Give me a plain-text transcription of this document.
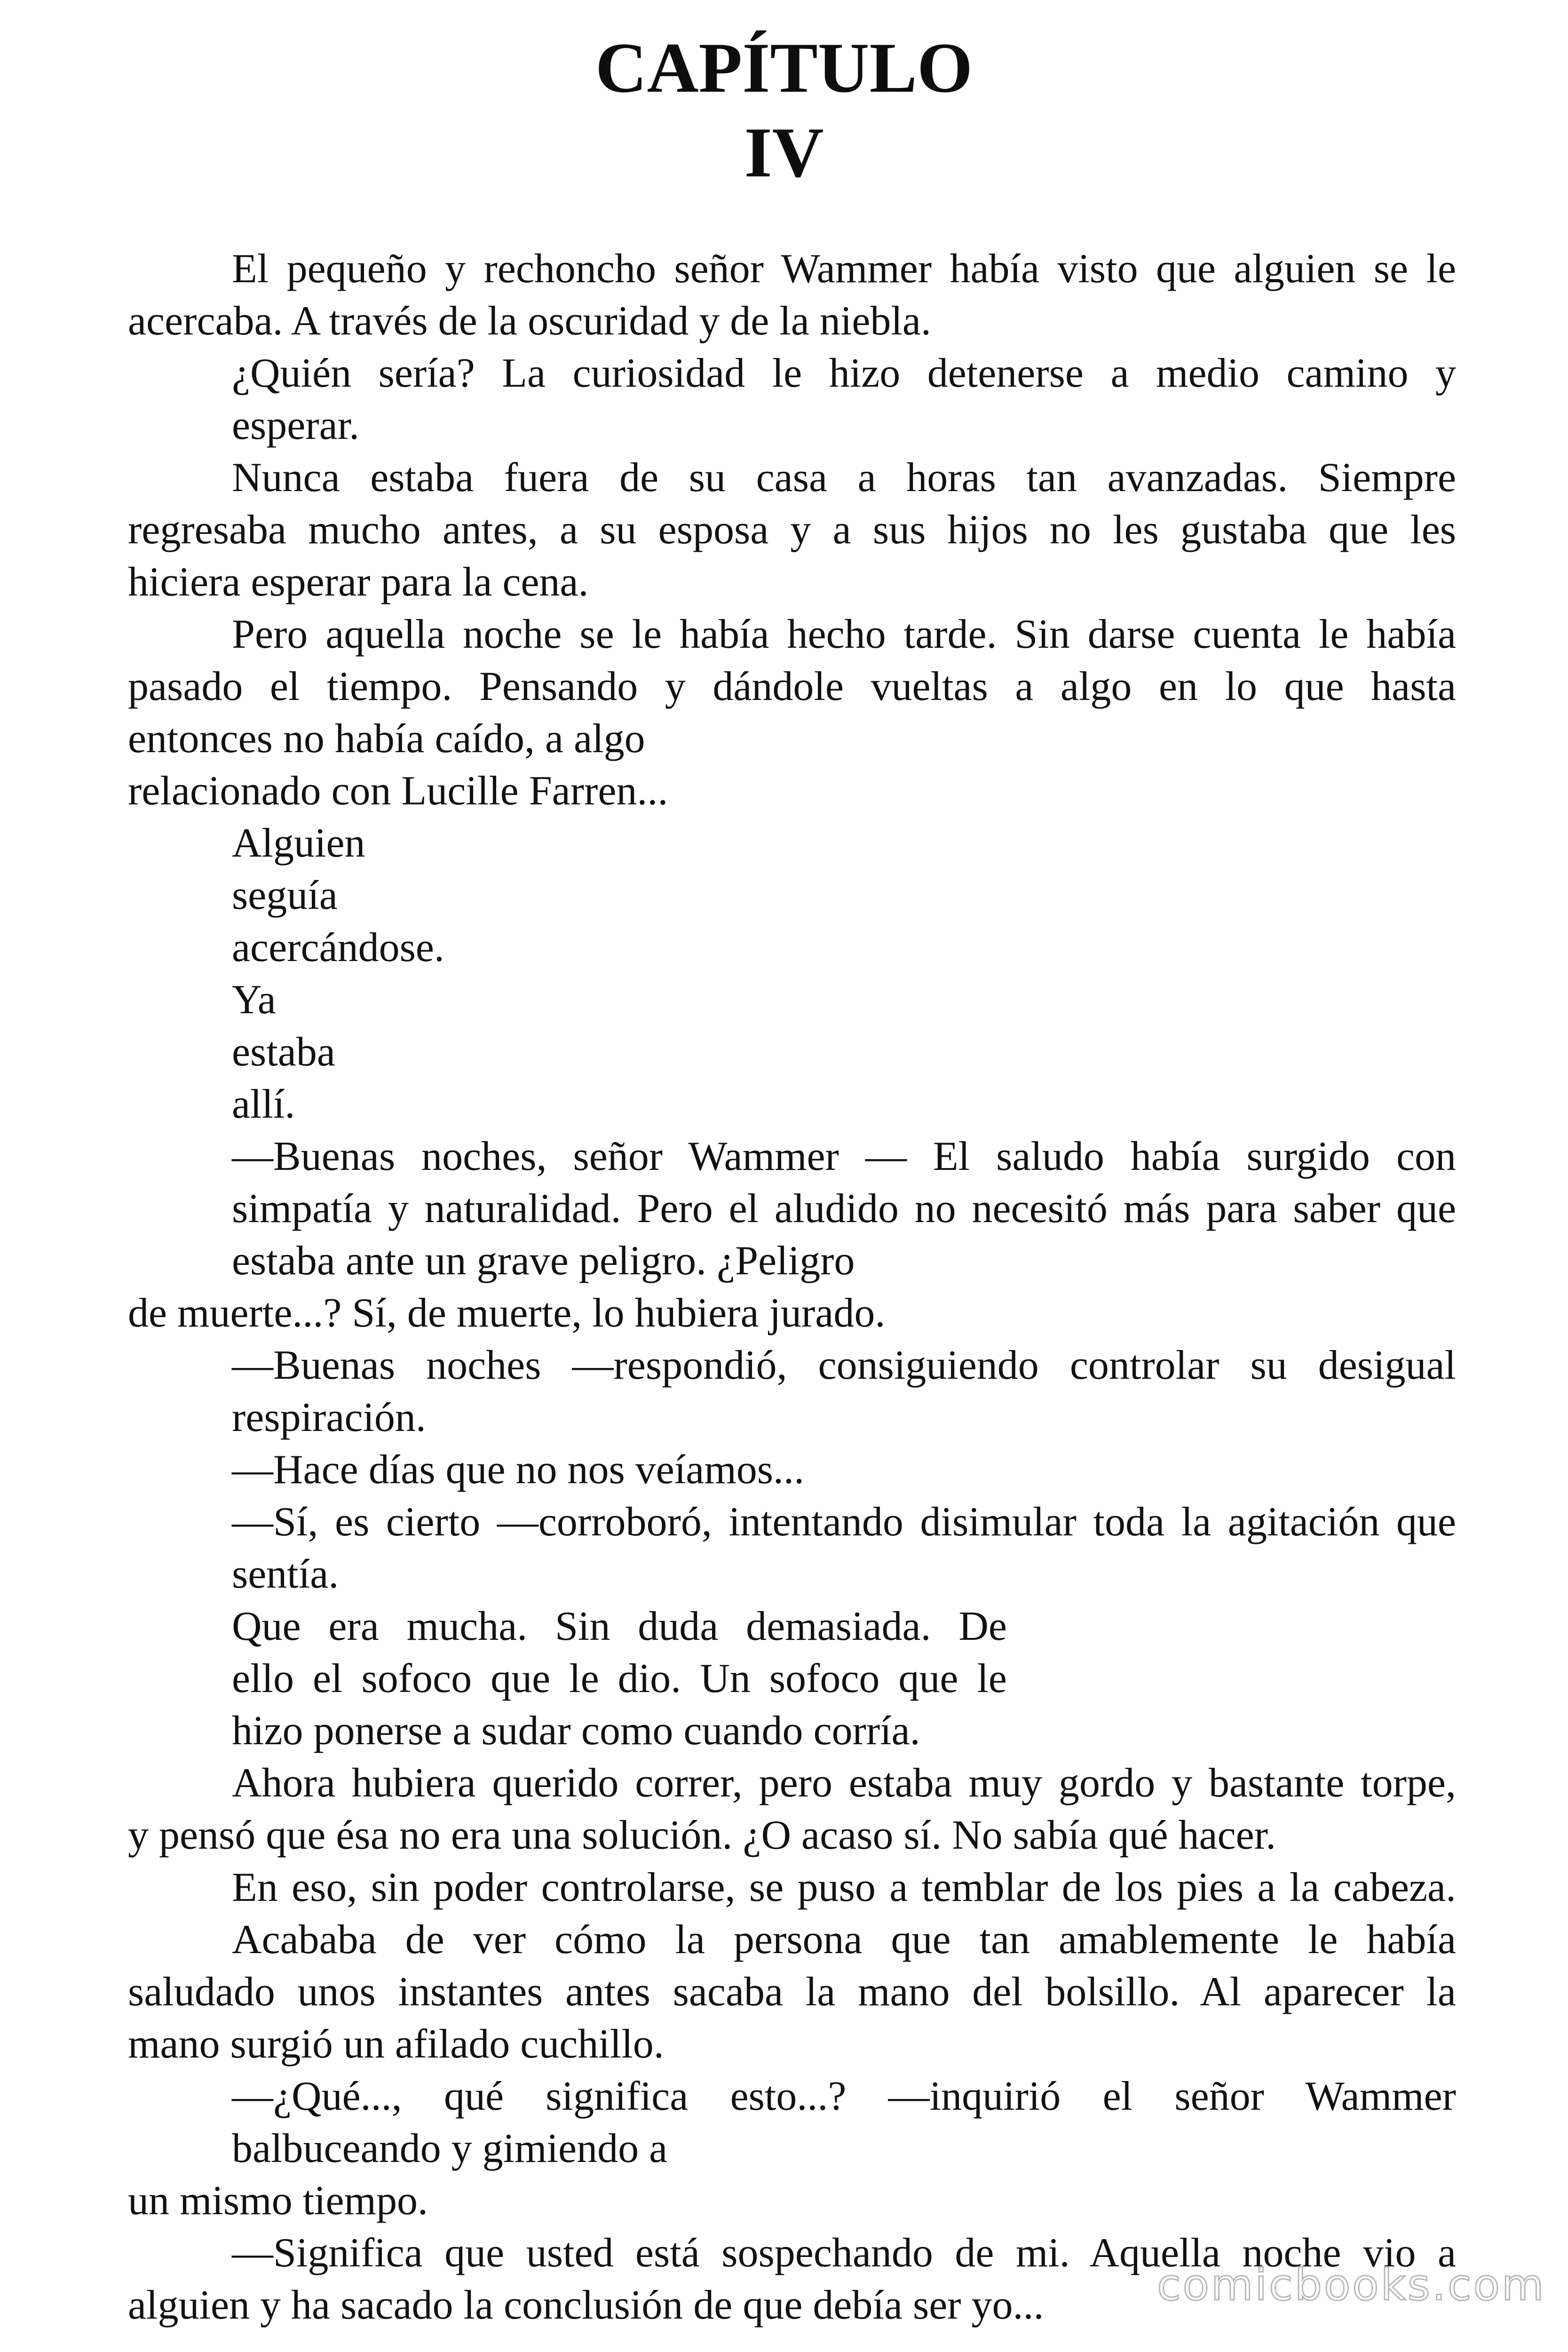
CAPÍTULO
IV

El pequeño y rechoncho señor Wammer había visto que alguien se le

acercaba. A través de la oscuridad y de la niebla.

¿Quién sería? La curiosidad le hizo detenerse a medio camino y

esperar.

Nunca estaba fuera de su casa a horas tan avanzadas. Siempre

regresaba mucho antes, a su esposa y a sus hijos no les gustaba que les

hiciera esperar para la cena.

Pero aquella noche se le había hecho tarde. Sin darse cuenta le había

pasado el tiempo. Pensando y dándole vueltas a algo en lo que hasta

entonces no había caído, a algo

relacionado con Lucille Farren...

Alguien

seguía

acercándose.

Ya

estaba

allí.

—Buenas noches, señor Wammer — El saludo había surgido con

simpatía y naturalidad. Pero el aludido no necesitó más para saber que

estaba ante un grave peligro. ¿Peligro

de muerte...? Sí, de muerte, lo hubiera jurado.

—Buenas noches —respondió, consiguiendo controlar su desigual

respiración.

—Hace días que no nos veíamos...

—Sí, es cierto —corroboró, intentando disimular toda la agitación que

sentía.

Que era mucha. Sin duda demasiada. De

ello el sofoco que le dio. Un sofoco que le

hizo ponerse a sudar como cuando corría.

Ahora hubiera querido correr, pero estaba muy gordo y bastante torpe,

y pensó que ésa no era una solución. ¿O acaso sí. No sabía qué hacer.

En eso, sin poder controlarse, se puso a temblar de los pies a la cabeza.

Acababa de ver cómo la persona que tan amablemente le había

saludado unos instantes antes sacaba la mano del bolsillo. Al aparecer la

mano surgió un afilado cuchillo.

—¿Qué..., qué significa esto...? —inquirió el señor Wammer

balbuceando y gimiendo a

un mismo tiempo.

—Significa que usted está sospechando de mi. Aquella noche vio a

alguien y ha sacado la conclusión de que debía ser yo...	comicbooks.com
